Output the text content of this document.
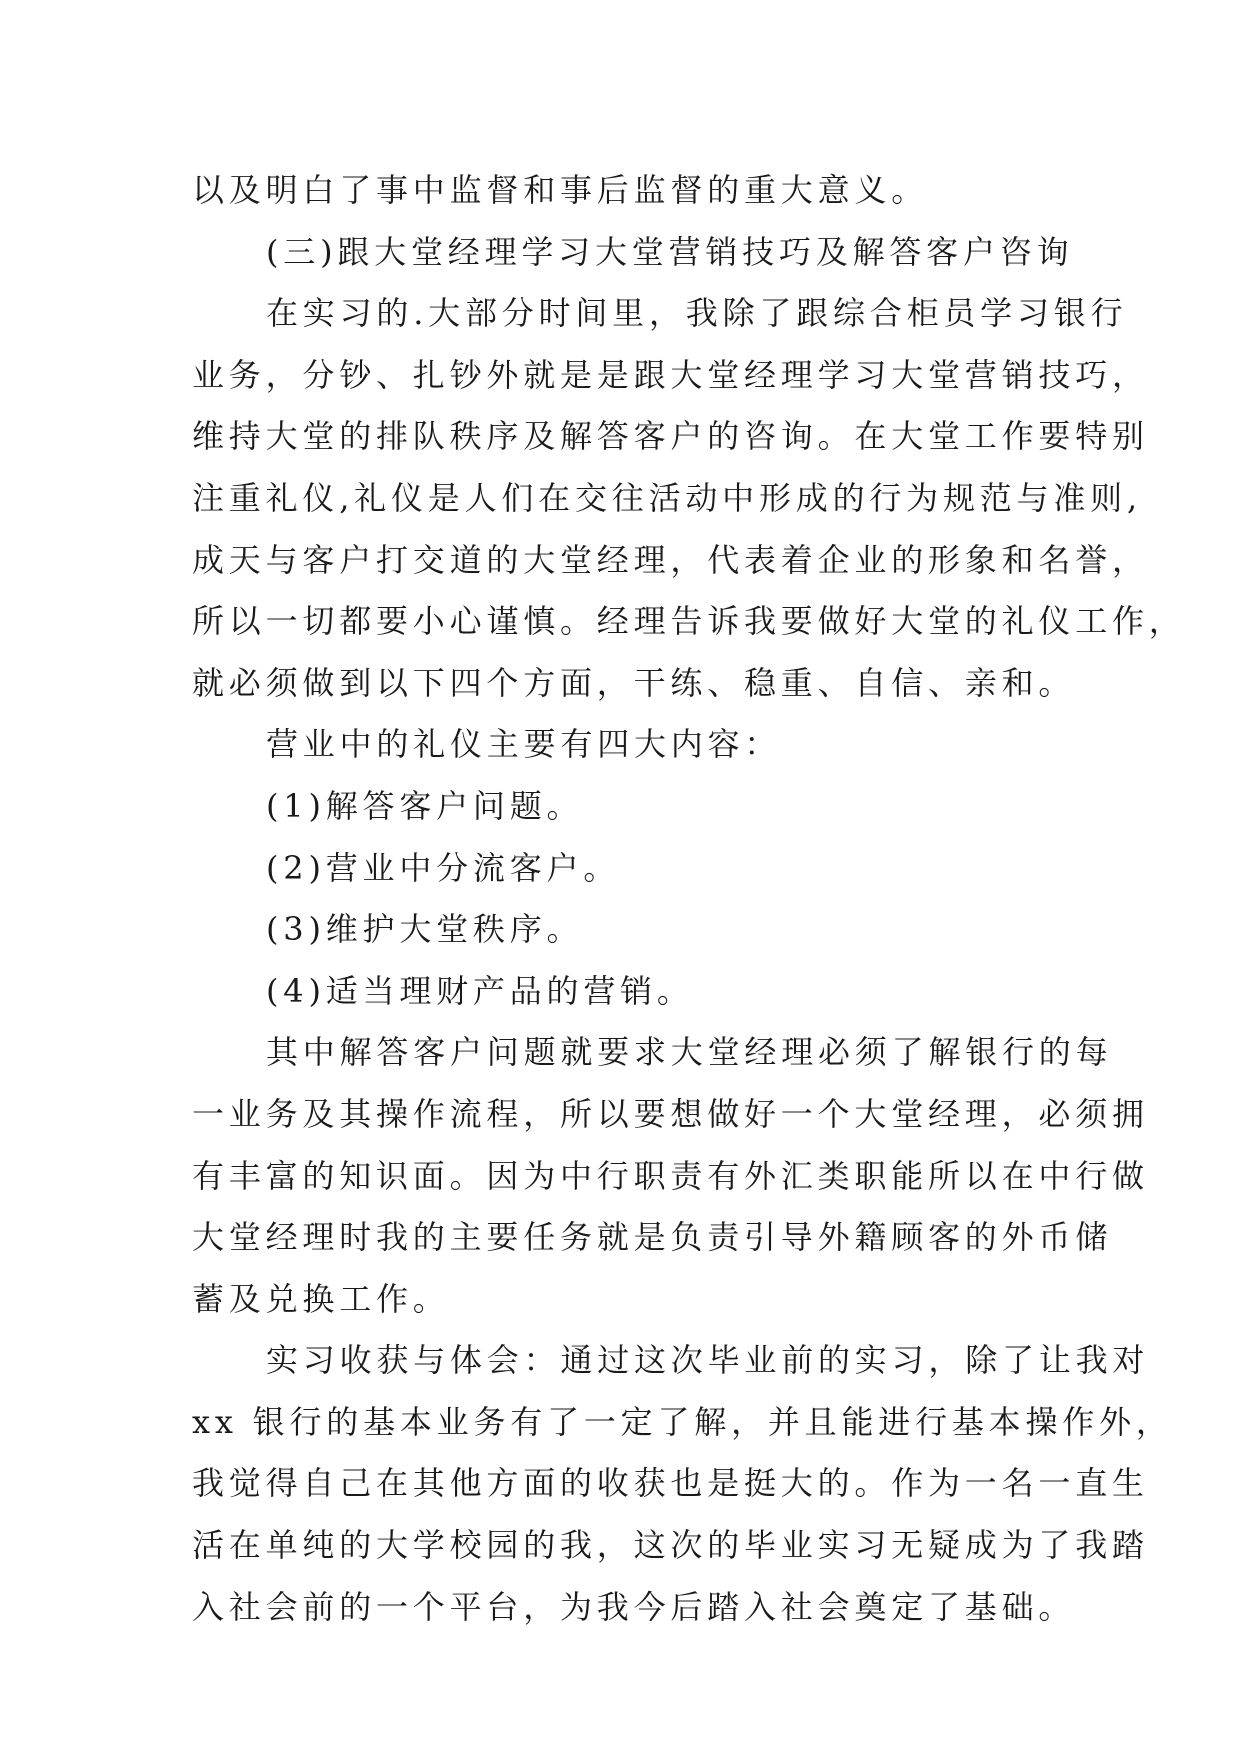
以及明白了事中监督和事后监督的重大意义。
(三)跟大堂经理学习大堂营销技巧及解答客户咨询
在实习的.大部分时间里，我除了跟综合柜员学习银行
业务，分钞、扎钞外就是是跟大堂经理学习大堂营销技巧，
维持大堂的排队秩序及解答客户的咨询。在大堂工作要特别
注重礼仪,礼仪是人们在交往活动中形成的行为规范与准则,
成天与客户打交道的大堂经理，代表着企业的形象和名誉，
所以一切都要小心谨慎。经理告诉我要做好大堂的礼仪工作，
就必须做到以下四个方面，干练、稳重、自信、亲和。
营业中的礼仪主要有四大内容：
(1)解答客户问题。
(2)营业中分流客户。
(3)维护大堂秩序。
(4)适当理财产品的营销。
其中解答客户问题就要求大堂经理必须了解银行的每
一业务及其操作流程，所以要想做好一个大堂经理，必须拥
有丰富的知识面。因为中行职责有外汇类职能所以在中行做
大堂经理时我的主要任务就是负责引导外籍顾客的外币储
蓄及兑换工作。
实习收获与体会：通过这次毕业前的实习，除了让我对
xx 银行的基本业务有了一定了解，并且能进行基本操作外，
我觉得自己在其他方面的收获也是挺大的。作为一名一直生
活在单纯的大学校园的我，这次的毕业实习无疑成为了我踏
入社会前的一个平台，为我今后踏入社会奠定了基础。
